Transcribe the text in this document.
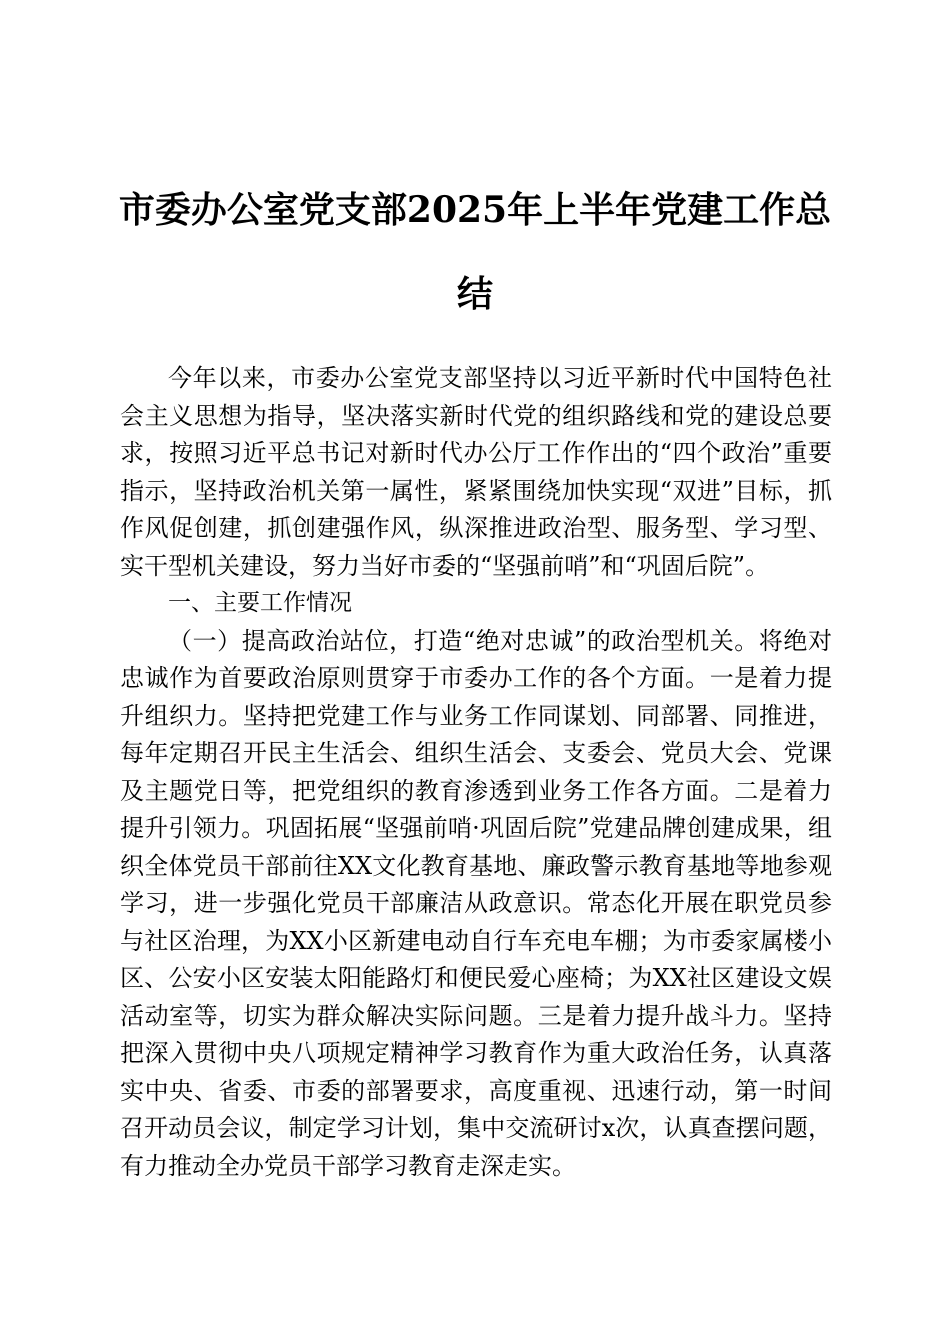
市委办公室党支部2025年上半年党建工作总结

今年以来，市委办公室党支部坚持以习近平新时代中国特色社会主义思想为指导，坚决落实新时代党的组织路线和党的建设总要求，按照习近平总书记对新时代办公厅工作作出的“四个政治”重要指示，坚持政治机关第一属性，紧紧围绕加快实现“双进”目标，抓作风促创建，抓创建强作风，纵深推进政治型、服务型、学习型、实干型机关建设，努力当好市委的“坚强前哨”和“巩固后院”。

一、主要工作情况

（一）提高政治站位，打造“绝对忠诚”的政治型机关。将绝对忠诚作为首要政治原则贯穿于市委办工作的各个方面。一是着力提升组织力。坚持把党建工作与业务工作同谋划、同部署、同推进，每年定期召开民主生活会、组织生活会、支委会、党员大会、党课及主题党日等，把党组织的教育渗透到业务工作各方面。二是着力提升引领力。巩固拓展“坚强前哨·巩固后院”党建品牌创建成果，组织全体党员干部前往XX文化教育基地、廉政警示教育基地等地参观学习，进一步强化党员干部廉洁从政意识。常态化开展在职党员参与社区治理，为XX小区新建电动自行车充电车棚；为市委家属楼小区、公安小区安装太阳能路灯和便民爱心座椅；为XX社区建设文娱活动室等，切实为群众解决实际问题。三是着力提升战斗力。坚持把深入贯彻中央八项规定精神学习教育作为重大政治任务，认真落实中央、省委、市委的部署要求，高度重视、迅速行动，第一时间召开动员会议，制定学习计划，集中交流研讨x次，认真查摆问题，有力推动全办党员干部学习教育走深走实。
